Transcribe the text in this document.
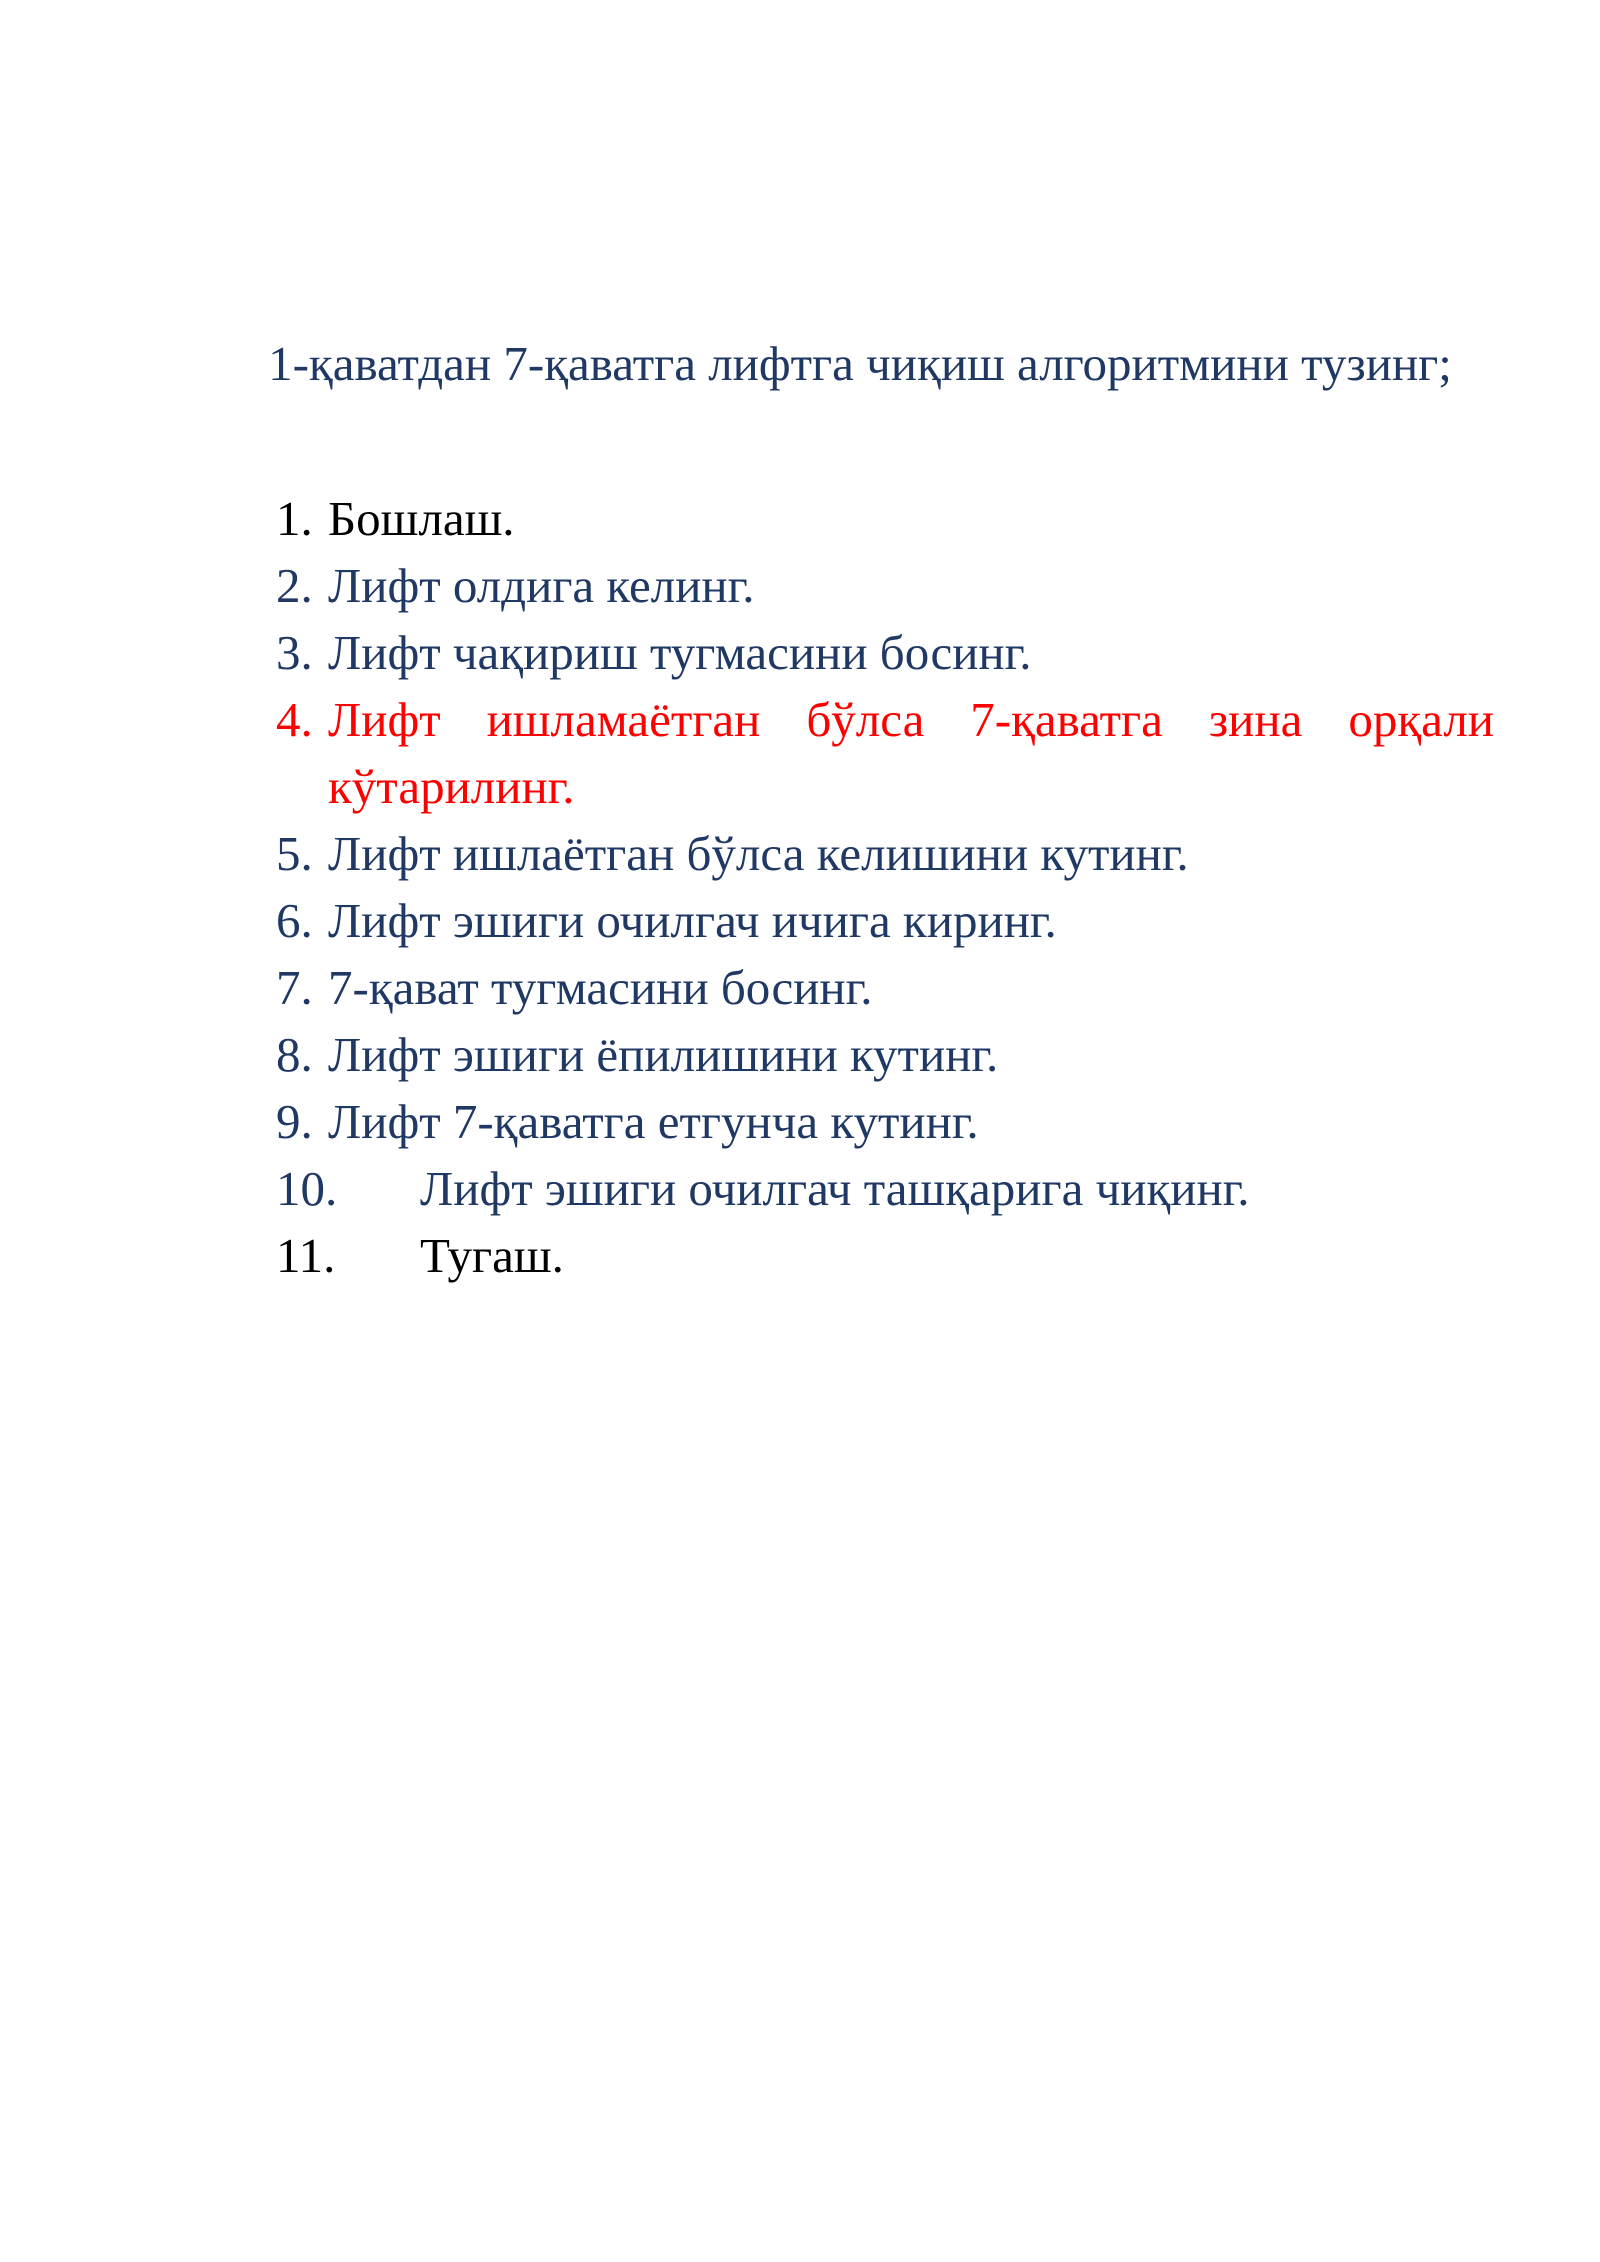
1-қаватдан 7-қаватга лифтга чиқиш алгоритмини тузинг;
1. Бошлаш.
2. Лифт олдига келинг.
3. Лифт чақириш тугмасини босинг.
4. Лифт ишламаётган бўлса 7-қаватга зина орқали кўтарилинг.
5. Лифт ишлаётган бўлса келишини кутинг.
6. Лифт эшиги очилгач ичига киринг.
7. 7-қават тугмасини босинг.
8. Лифт эшиги ёпилишини кутинг.
9. Лифт 7-қаватга етгунча кутинг.
10.	Лифт эшиги очилгач ташқарига чиқинг.
11.	Тугаш.
